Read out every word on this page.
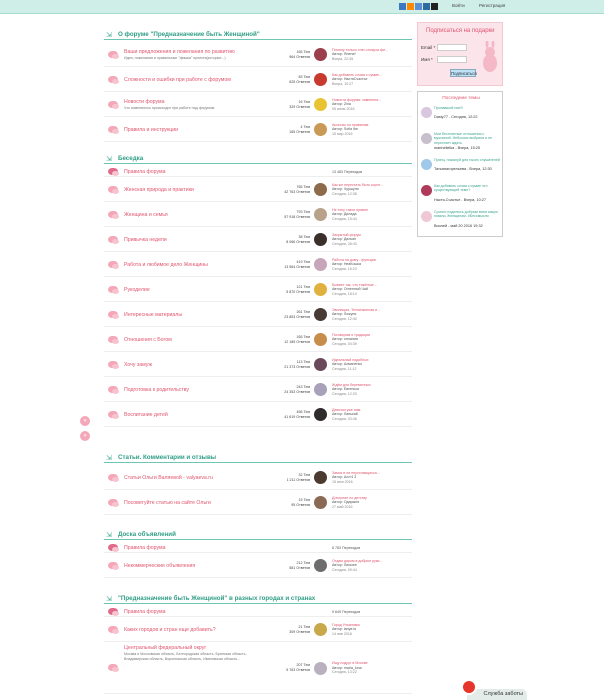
Войти	Регистрация
⇲ О форуме "Предназначение быть Женщиной"
Ваши предложения и пожелания по развитию
Идеи, пожелания и правильные "фишки" проекта(которые...)
165 Тем
964 Ответов
Почему только снег-спокуха фи...
Автор: Ялена*
Вчера, 22:45
Сложности и ошибки при работе с форумом	83 Тем
625 Ответов
Как добавить слова к сумме...
Автор: НастяСчастье
Вчера, 10:27
Новости форума
Что изменилось происходит при работе над форумом
16 Тем
329 Ответов
Новости форума: заменили...
Автор: Zina
05 июнь 2016
Правила и инструкции	4 Тем
165 Ответов
Аксессы по правилам
Автор: Sofia Ibe
15 мар 2016
⇲ Беседка
Правила форума	13 483 Переходов
Женская природа и практики	765 Тем
42 763 Ответов
Как же перестать быть корот...
Автор: Чуршуля
Сегодня, 12:38
Женщина и семья	793 Тем
57 918 Ответов
Не тону такое правне
Автор: Дилада
Сегодня, 15:44
Привычка недели	38 Тем
8 066 Ответов
Закрытый форум
Автор: Дильян
Сегодня, 28:43
Работа и любимое дело Женщины	419 Тем
13 564 Ответов
Работа на дому - функции
Автор: НеаКошка
Сегодня, 16:23
Рукоделие	121 Тем
5 870 Ответов
Бывает так, что тяжёлые...
Автор: Огненный Чай
Сегодня, 18:14
Интересные материалы	261 Тем
23 853 Ответов
Эволюция, Техни/жонная и...
Автор: Ложуля
Сегодня, 12:40
Отношения с Богом	165 Тем
12 189 Ответов
Поговорим о традиции
Автор: оплалия
Сегодня, 04:39
Хочу замуж	113 Тем
21 373 Ответов
Идеальный подобных
Автор: Ахманенко
Сегодня, 11:12
Подготовка к родительству	243 Тем
24 353 Ответов
Ждём для беременных
Автор: Евгенька
Сегодня, 12:33
Воспитание детей	456 Тем
41 619 Ответов
Девочки уже нам
Автор: Ланька8
Сегодня, 03:46
⇲ Статьи. Комментарии и отзывы
Статьи Ольги Валяевой - valyaeva.ru	32 Тем
1 211 Ответов
Замок в ли неустоявщихся...
Автор: Алл'4 3
15 июн 2016
Посоветуйте статью на сайте Ольги	15 Тем
95 Ответов
Дочерние по детству
Автор: Одарыня
27 май 2016
⇲ Доска объявлений
Правила форума	8 783 Переходов
Некоммерческие объявления	212 Тем
581 Ответов
Отдам даром в добрые руки...
Автор: Ликсинг
Сегодня, 09:44
⇲ "Предназначение быть Женщиной" в разных городах и странах
Правила форума	9 649 Переходов
Каких городов и стран еще добавить?	21 Тем
309 Ответов
Город Ульяновск
Автор: lanya ts
14 янв 2016
Центральный федеральный округ
Москва и Московская область, Белгородская область, Брянская область, Владимирская область, Воронежская область, Ивановская область...
207 Тем
5 763 Ответов
Ищу подруг в Москве
Автор: maria_luna
Сегодня, 13:22
Подписаться на подарки
Email *
Имя *
Подписаться
Последние темы
Пропавший ник!!!
Dasty77 - Сегодня, 12:22
Мои бесплатные отношения с мужчиной. Небосяок выбрали и не перестает ждать.
marinellelka - Вчера, 15:25
Принц, пожалуй для тысяч слушателей
Татьянагорельева - Вчера, 12:30
Как добавить слова к сумме что существующей теме?
Настя-Счастье - Вчера, 10:27
Срочно поделюсь добрым всем какую помочь Женщинам. #Бессмысли
Виолей - май 20 2016 19:32
«
»
Служба заботы
